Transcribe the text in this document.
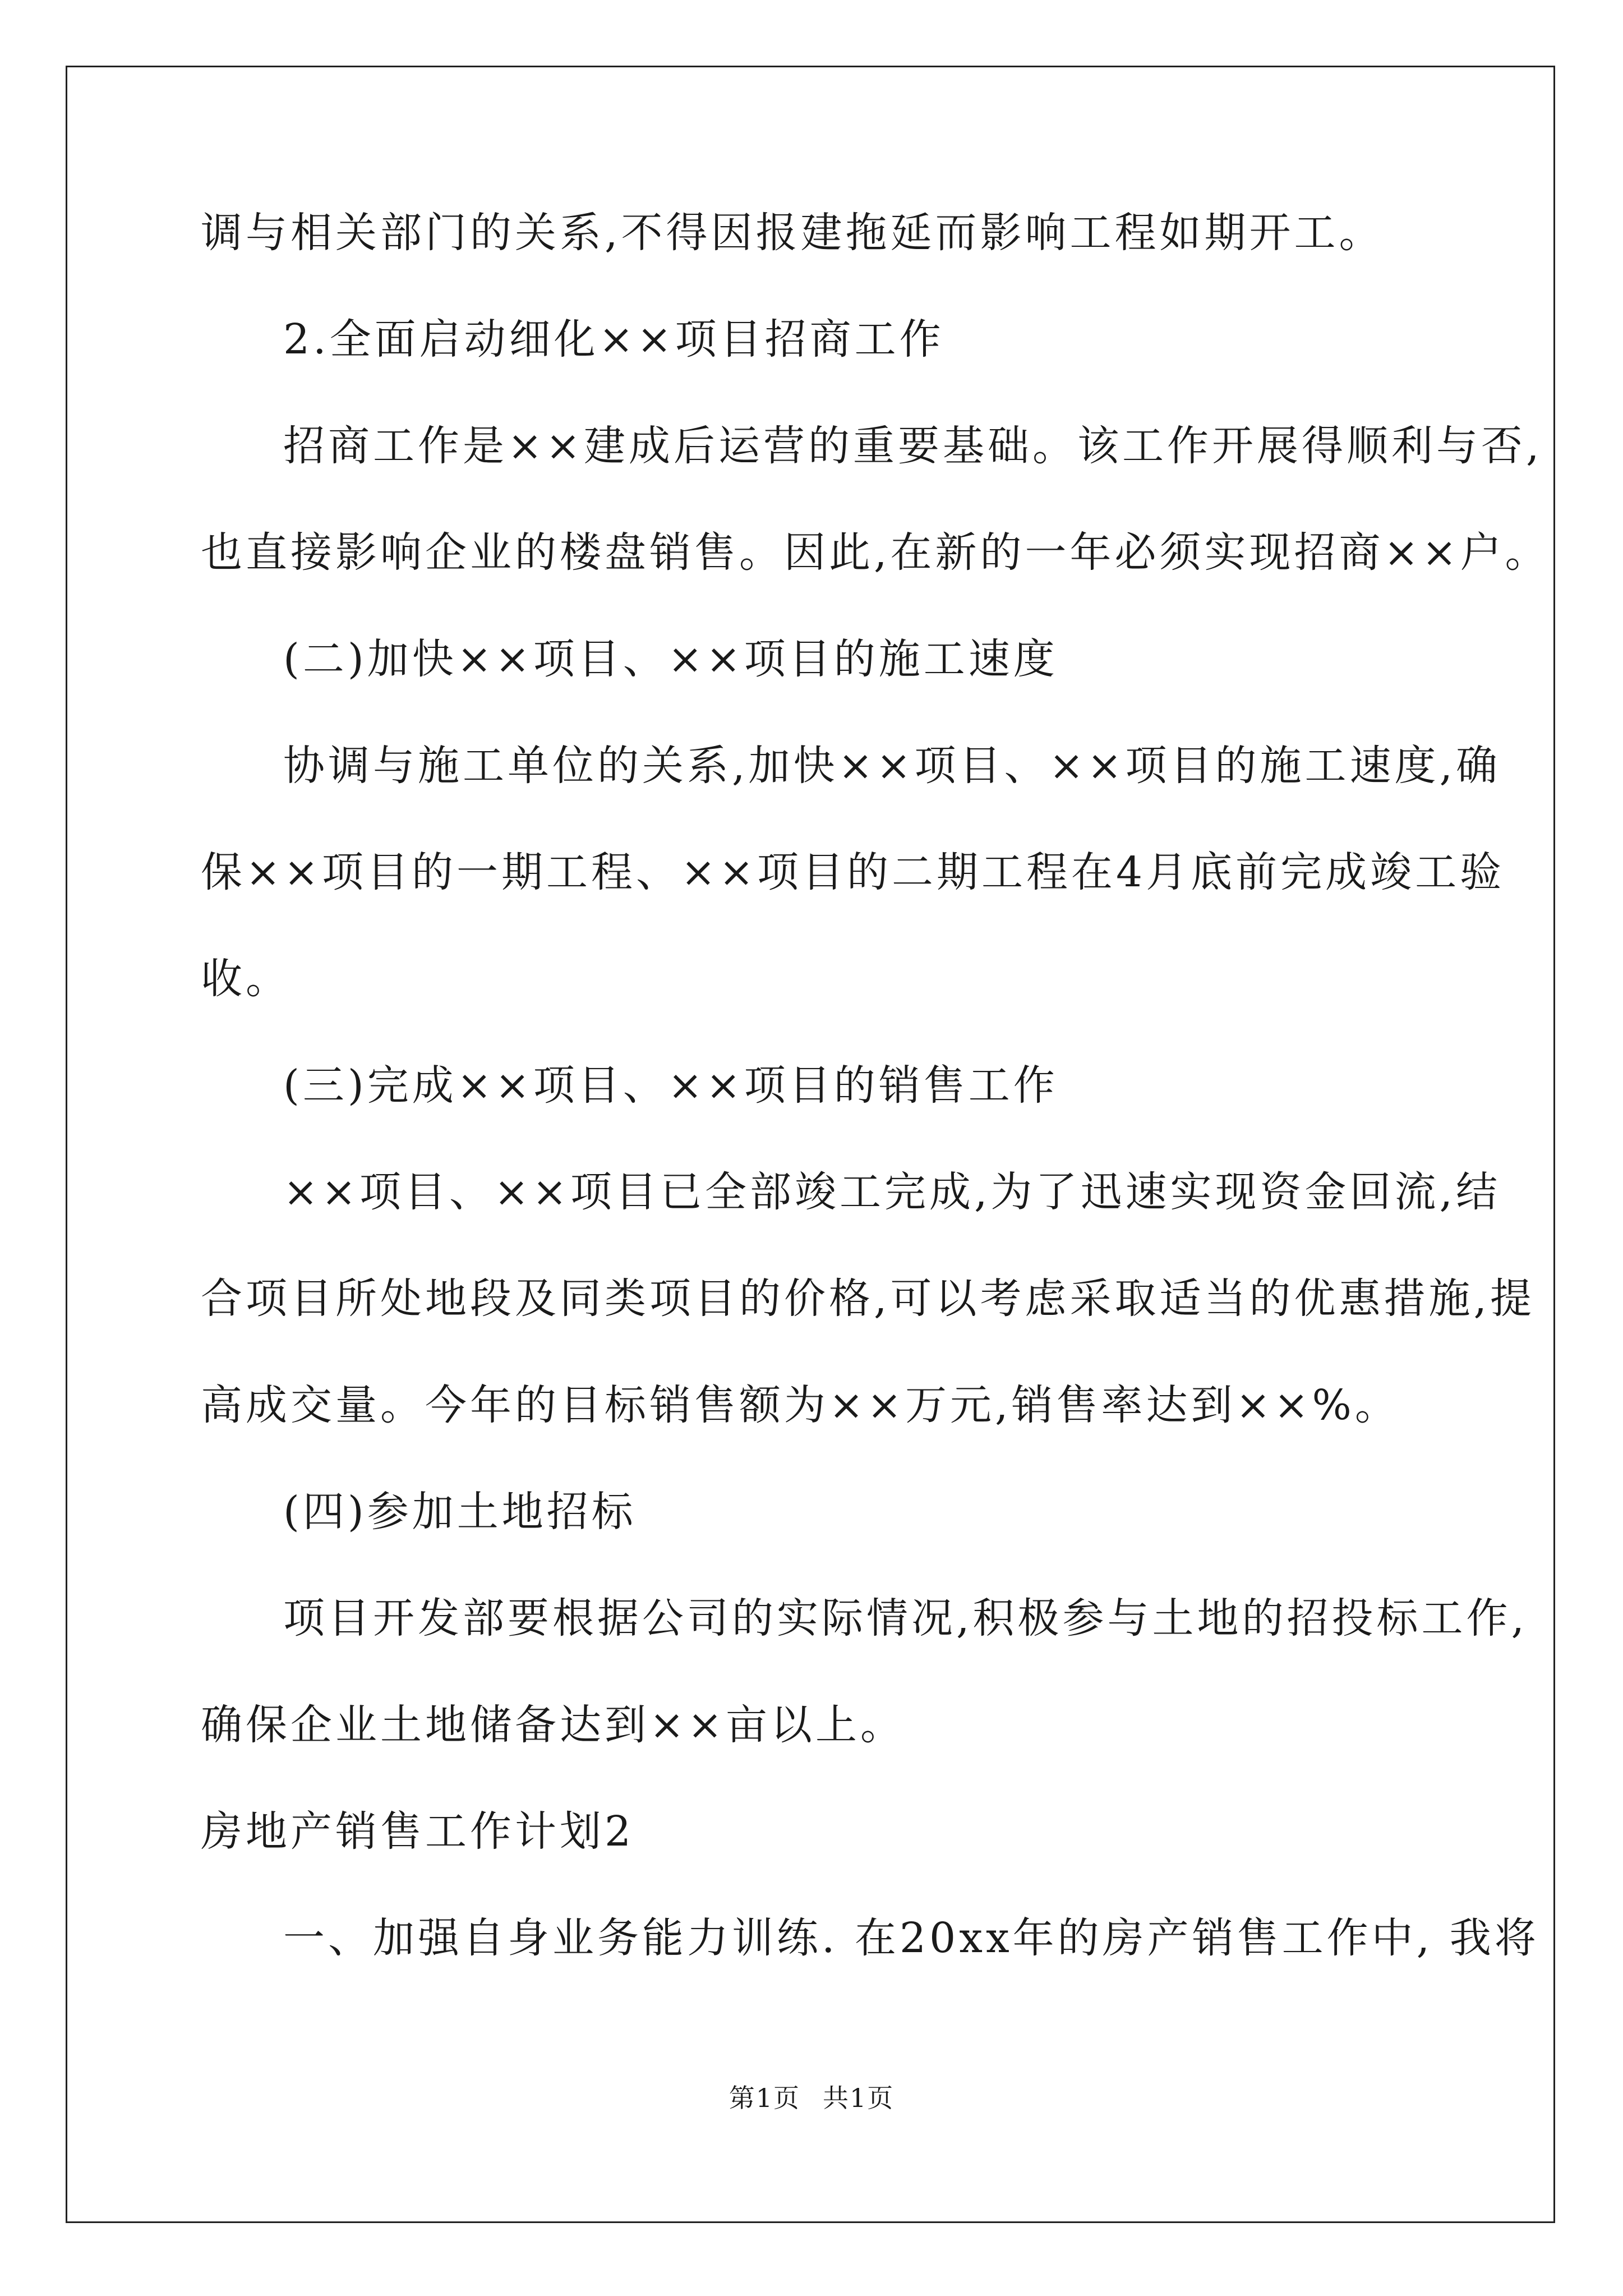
调与相关部门的关系,不得因报建拖延而影响工程如期开工。
2.全面启动细化××项目招商工作
招商工作是××建成后运营的重要基础。该工作开展得顺利与否,
也直接影响企业的楼盘销售。因此,在新的一年必须实现招商××户。
(二)加快××项目、××项目的施工速度
协调与施工单位的关系,加快××项目、××项目的施工速度,确
保××项目的一期工程、××项目的二期工程在4月底前完成竣工验
收。
(三)完成××项目、××项目的销售工作
××项目、××项目已全部竣工完成,为了迅速实现资金回流,结
合项目所处地段及同类项目的价格,可以考虑采取适当的优惠措施,提
高成交量。今年的目标销售额为××万元,销售率达到××%。
(四)参加土地招标
项目开发部要根据公司的实际情况,积极参与土地的招投标工作,
确保企业土地储备达到××亩以上。
房地产销售工作计划2
一、加强自身业务能力训练. 在20xx年的房产销售工作中, 我将
第1页 共1页
